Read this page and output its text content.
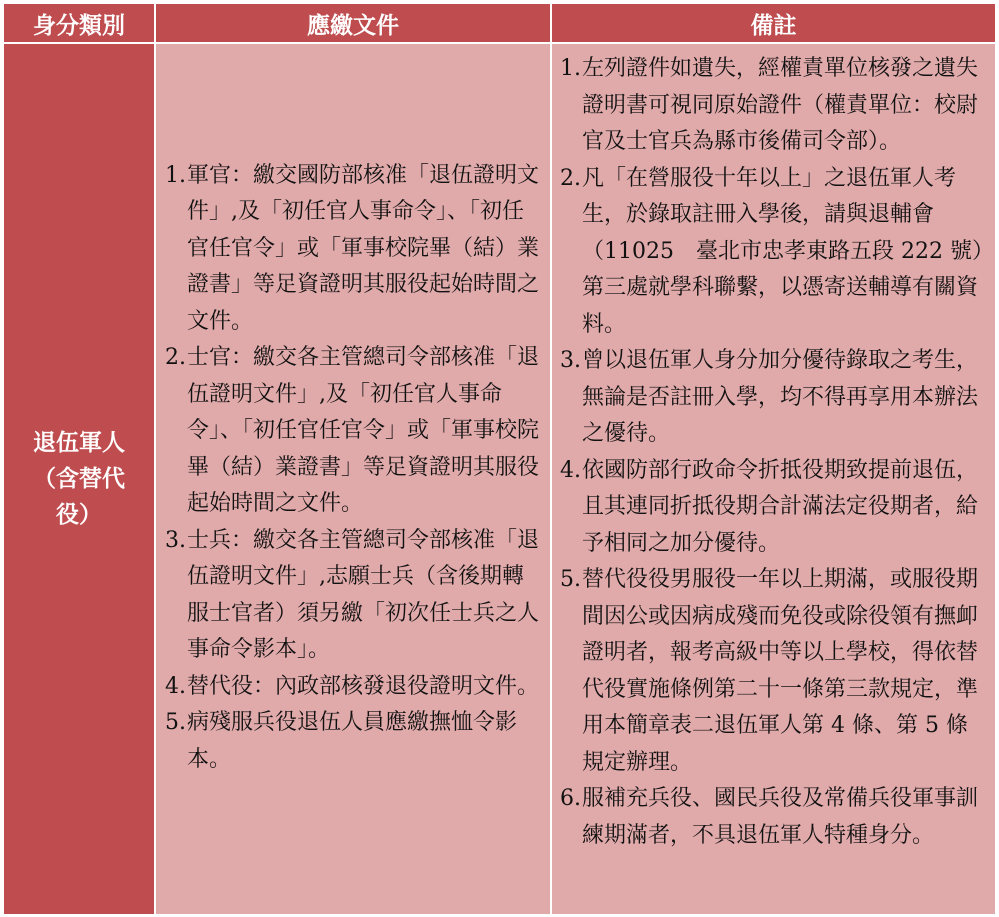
身分類別	應繳文件	備註
退伍軍人（含替代役）
1. 軍官：繳交國防部核准「退伍證明文件」,及「初任官人事命令」、「初任官任官令」或「軍事校院畢（結）業證書」等足資證明其服役起始時間之文件。
2. 士官：繳交各主管總司令部核准「退伍證明文件」,及「初任官人事命令」、「初任官任官令」或「軍事校院畢（結）業證書」等足資證明其服役起始時間之文件。
3. 士兵：繳交各主管總司令部核准「退伍證明文件」,志願士兵（含後期轉服士官者）須另繳「初次任士兵之人事命令影本」。
4. 替代役：內政部核發退役證明文件。
5. 病殘服兵役退伍人員應繳撫恤令影本。
1. 左列證件如遺失，經權責單位核發之遺失證明書可視同原始證件（權責單位：校尉官及士官兵為縣市後備司令部）。
2. 凡「在營服役十年以上」之退伍軍人考生，於錄取註冊入學後，請與退輔會（11025　臺北市忠孝東路五段 222 號）第三處就學科聯繫，以憑寄送輔導有關資料。
3. 曾以退伍軍人身分加分優待錄取之考生，無論是否註冊入學，均不得再享用本辦法之優待。
4. 依國防部行政命令折抵役期致提前退伍，且其連同折抵役期合計滿法定役期者，給予相同之加分優待。
5. 替代役役男服役一年以上期滿，或服役期間因公或因病成殘而免役或除役領有撫卹證明者，報考高級中等以上學校，得依替代役實施條例第二十一條第三款規定，準用本簡章表二退伍軍人第 4 條、第 5 條規定辦理。
6. 服補充兵役、國民兵役及常備兵役軍事訓練期滿者，不具退伍軍人特種身分。
